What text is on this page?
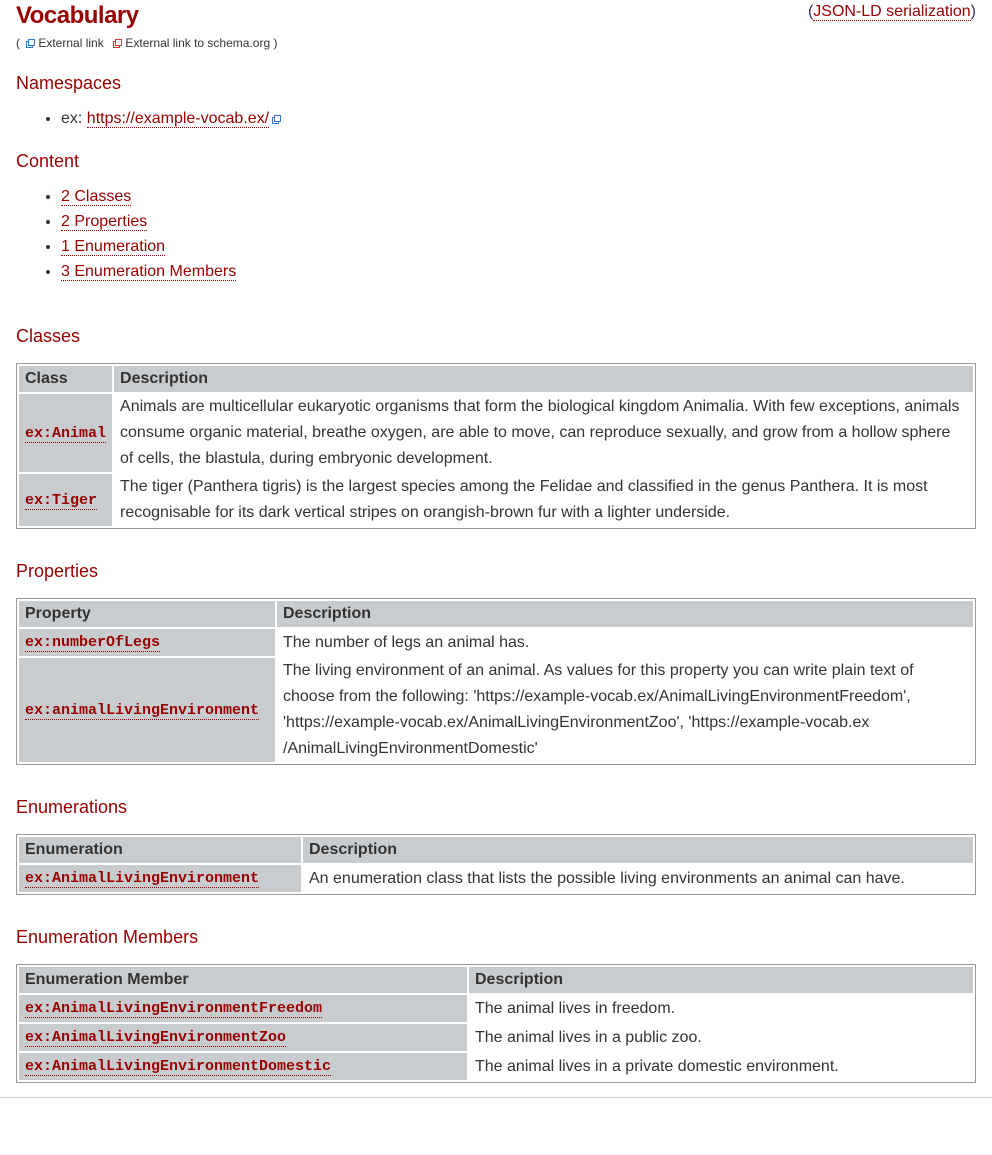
Vocabulary	(JSON-LD serialization)
( External link External link to schema.org )
Namespaces
• ex: https://example-vocab.ex/
Content
• 2 Classes
• 2 Properties
• 1 Enumeration
• 3 Enumeration Members
Classes
Class	Description
ex:Animal	Animals are multicellular eukaryotic organisms that form the biological kingdom Animalia. With few exceptions, animals consume organic material, breathe oxygen, are able to move, can reproduce sexually, and grow from a hollow sphere of cells, the blastula, during embryonic development.
ex:Tiger	The tiger (Panthera tigris) is the largest species among the Felidae and classified in the genus Panthera. It is most recognisable for its dark vertical stripes on orangish-brown fur with a lighter underside.
Properties
Property	Description
ex:numberOfLegs	The number of legs an animal has.
ex:animalLivingEnvironment	The living environment of an animal. As values for this property you can write plain text of choose from the following: 'https://example-vocab.ex/AnimalLivingEnvironmentFreedom', 'https://example-vocab.ex/AnimalLivingEnvironmentZoo', 'https://example-vocab.ex /AnimalLivingEnvironmentDomestic'
Enumerations
Enumeration	Description
ex:AnimalLivingEnvironment	An enumeration class that lists the possible living environments an animal can have.
Enumeration Members
Enumeration Member	Description
ex:AnimalLivingEnvironmentFreedom	The animal lives in freedom.
ex:AnimalLivingEnvironmentZoo	The animal lives in a public zoo.
ex:AnimalLivingEnvironmentDomestic	The animal lives in a private domestic environment.
